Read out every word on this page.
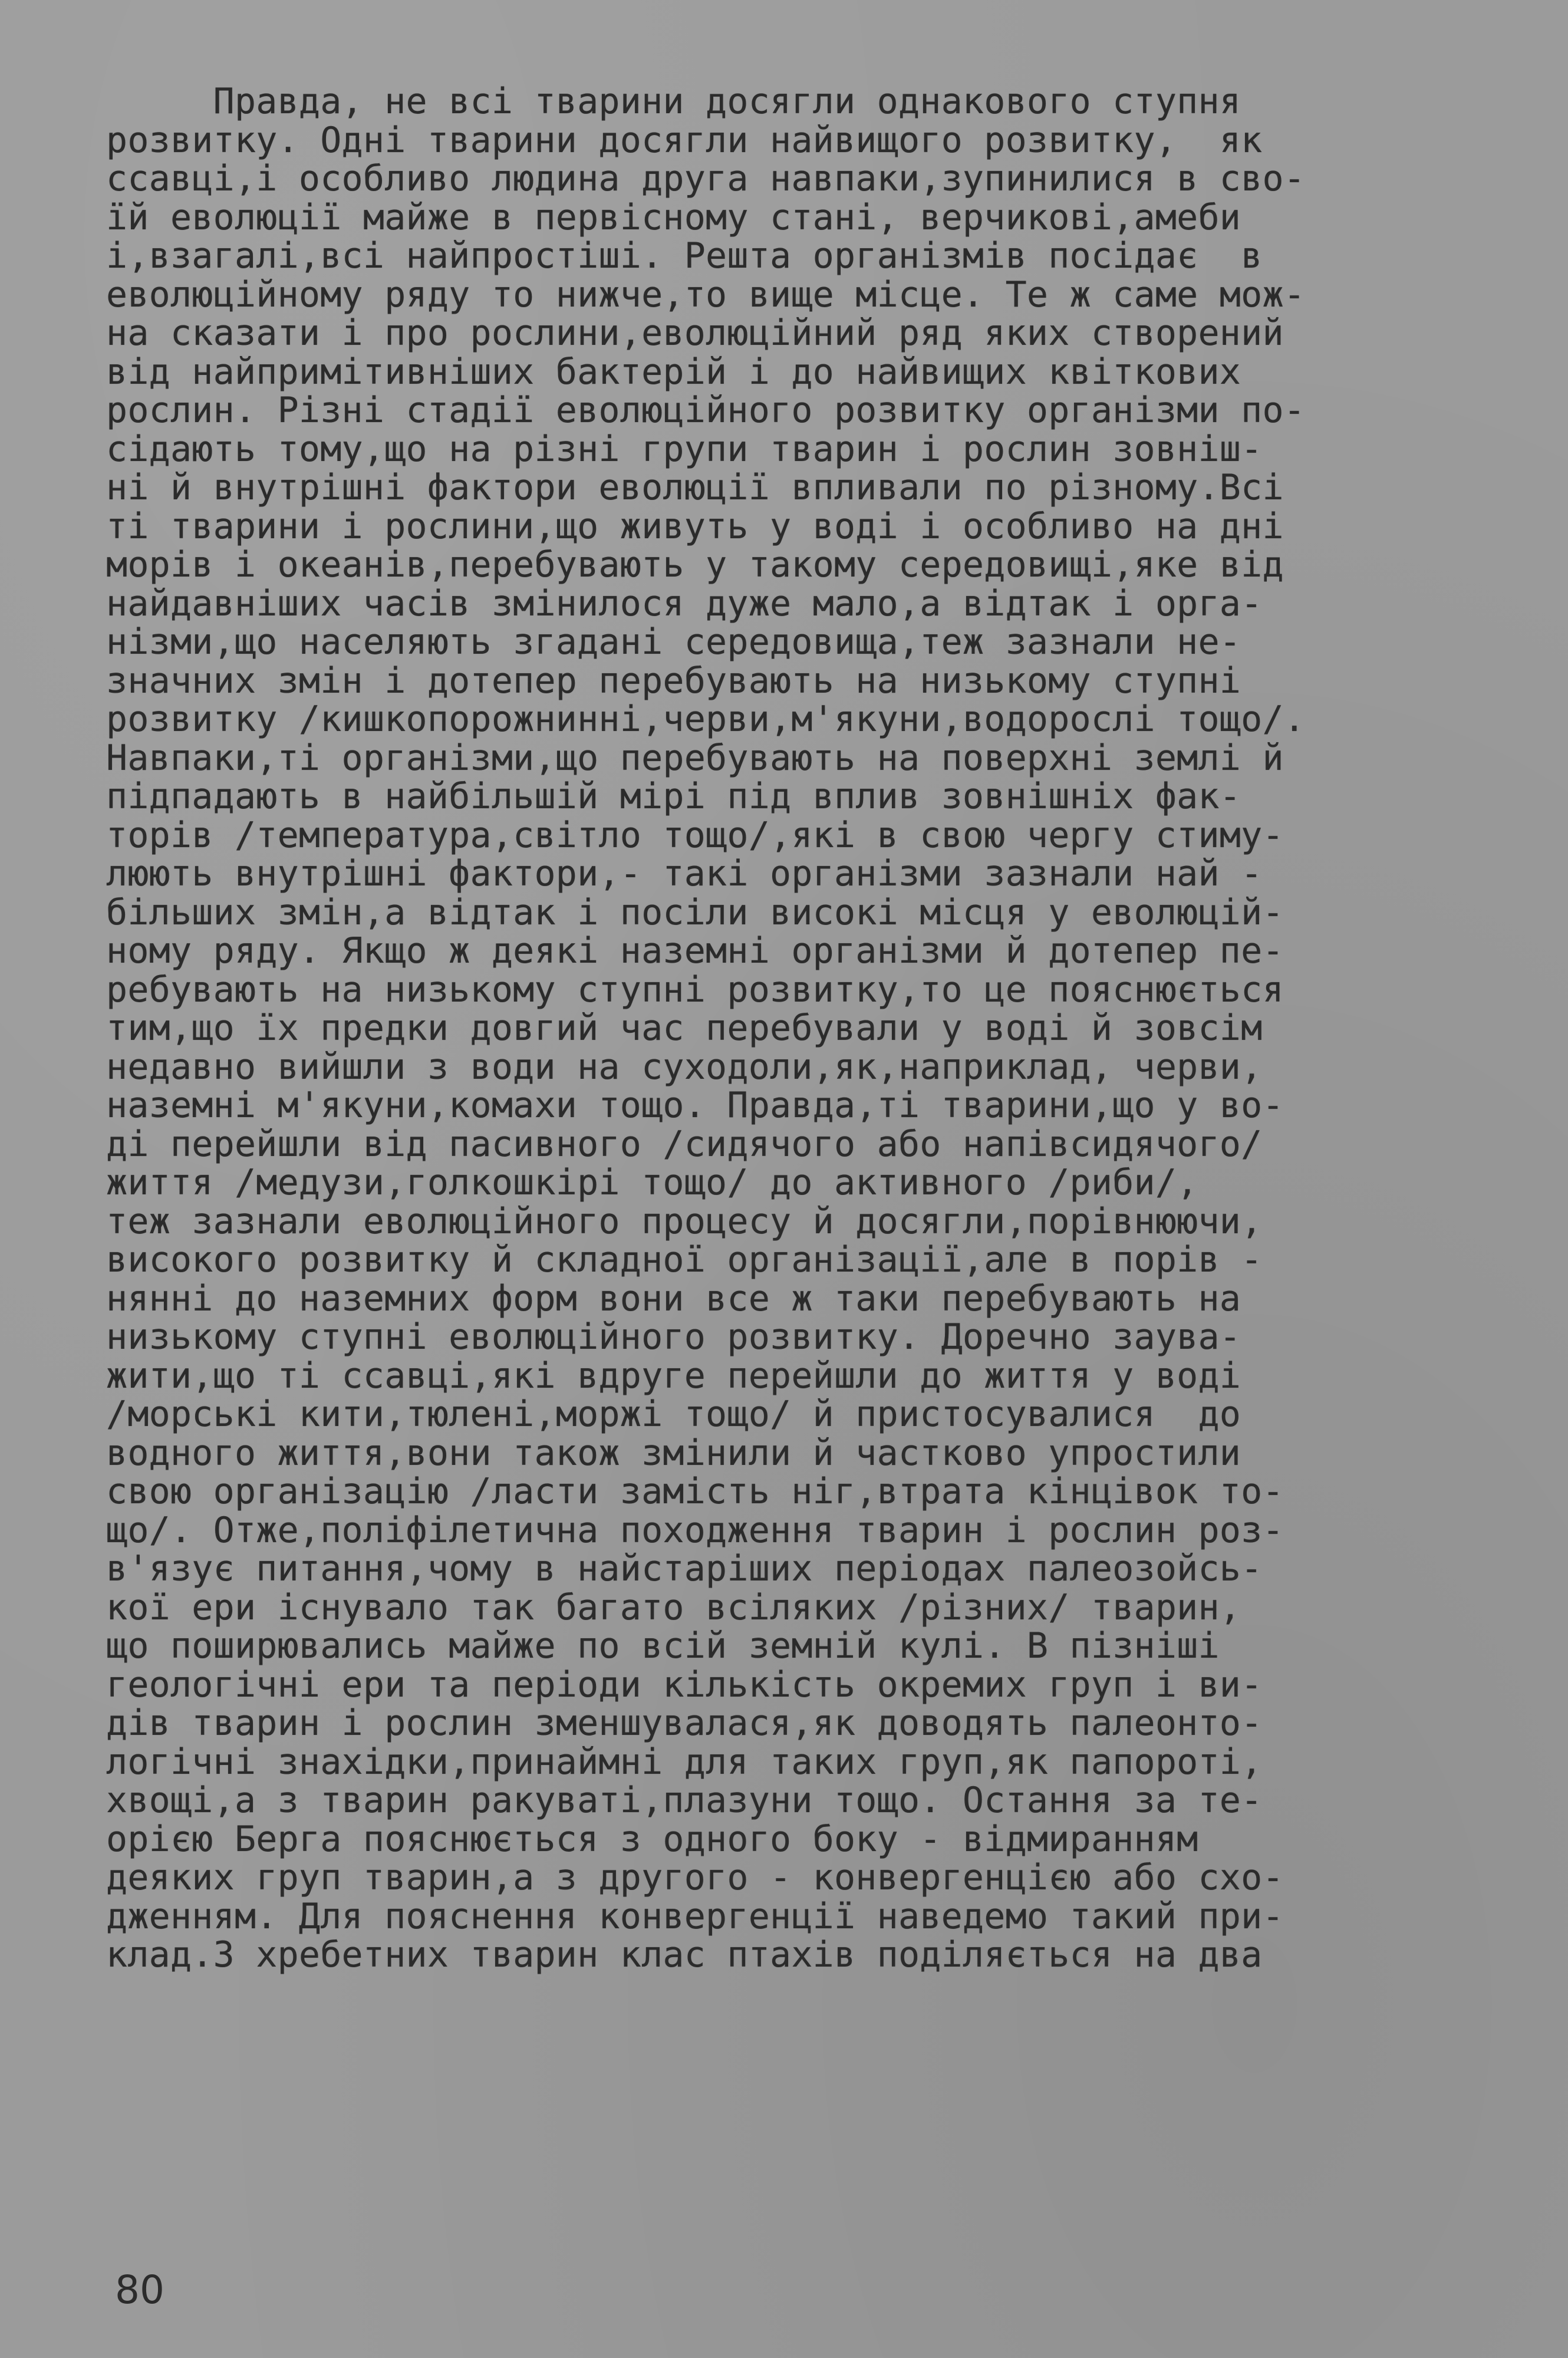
Правда, не всі тварини досягли однакового ступня
розвитку. Одні тварини досягли найвищого розвитку,  як
ссавці,і особливо людина друга навпаки,зупинилися в сво-
їй еволюції майже в первісному стані, верчикові,амеби
і,взагалі,всі найпростіші. Решта організмів посідає  в
еволюційному ряду то нижче,то вище місце. Те ж саме мож-
на сказати і про рослини,еволюційний ряд яких створений
від найпримітивніших бактерій і до найвищих квіткових
рослин. Різні стадії еволюційного розвитку організми по-
сідають тому,що на різні групи тварин і рослин зовніш-
ні й внутрішні фактори еволюції впливали по різному.Всі
ті тварини і рослини,що живуть у воді і особливо на дні
морів і океанів,перебувають у такому середовищі,яке від
найдавніших часів змінилося дуже мало,а відтак і орга-
нізми,що населяють згадані середовища,теж зазнали не-
значних змін і дотепер перебувають на низькому ступні
розвитку /кишкопорожнинні,черви,м'якуни,водорослі тощо/.
Навпаки,ті організми,що перебувають на поверхні землі й
підпадають в найбільшій мірі під вплив зовнішніх фак-
торів /температура,світло тощо/,які в свою чергу стиму-
люють внутрішні фактори,- такі організми зазнали най -
більших змін,а відтак і посіли високі місця у еволюцій-
ному ряду. Якщо ж деякі наземні організми й дотепер пе-
ребувають на низькому ступні розвитку,то це пояснюється
тим,що їх предки довгий час перебували у воді й зовсім
недавно вийшли з води на суходоли,як,наприклад, черви,
наземні м'якуни,комахи тощо. Правда,ті тварини,що у во-
ді перейшли від пасивного /сидячого або напівсидячого/
життя /медузи,голкошкірі тощо/ до активного /риби/,
теж зазнали еволюційного процесу й досягли,порівнюючи,
високого розвитку й складної організації,але в порів -
нянні до наземних форм вони все ж таки перебувають на
низькому ступні еволюційного розвитку. Доречно заува-
жити,що ті ссавці,які вдруге перейшли до життя у воді
/морські кити,тюлені,моржі тощо/ й пристосувалися  до
водного життя,вони також змінили й частково упростили
свою організацію /ласти замість ніг,втрата кінцівок то-
що/. Отже,поліфілетична походження тварин і рослин роз-
в'язує питання,чому в найстаріших періодах палеозойсь-
кої ери існувало так багато всіляких /різних/ тварин,
що поширювались майже по всій земній кулі. В пізніші
геологічні ери та періоди кількість окремих груп і ви-
дів тварин і рослин зменшувалася,як доводять палеонто-
логічні знахідки,принаймні для таких груп,як папороті,
хвощі,а з тварин ракуваті,плазуни тощо. Остання за те-
орією Берга пояснюється з одного боку - відмиранням
деяких груп тварин,а з другого - конвергенцією або схо-
дженням. Для пояснення конвергенції наведемо такий при-
клад.З хребетних тварин клас птахів поділяється на два
80
